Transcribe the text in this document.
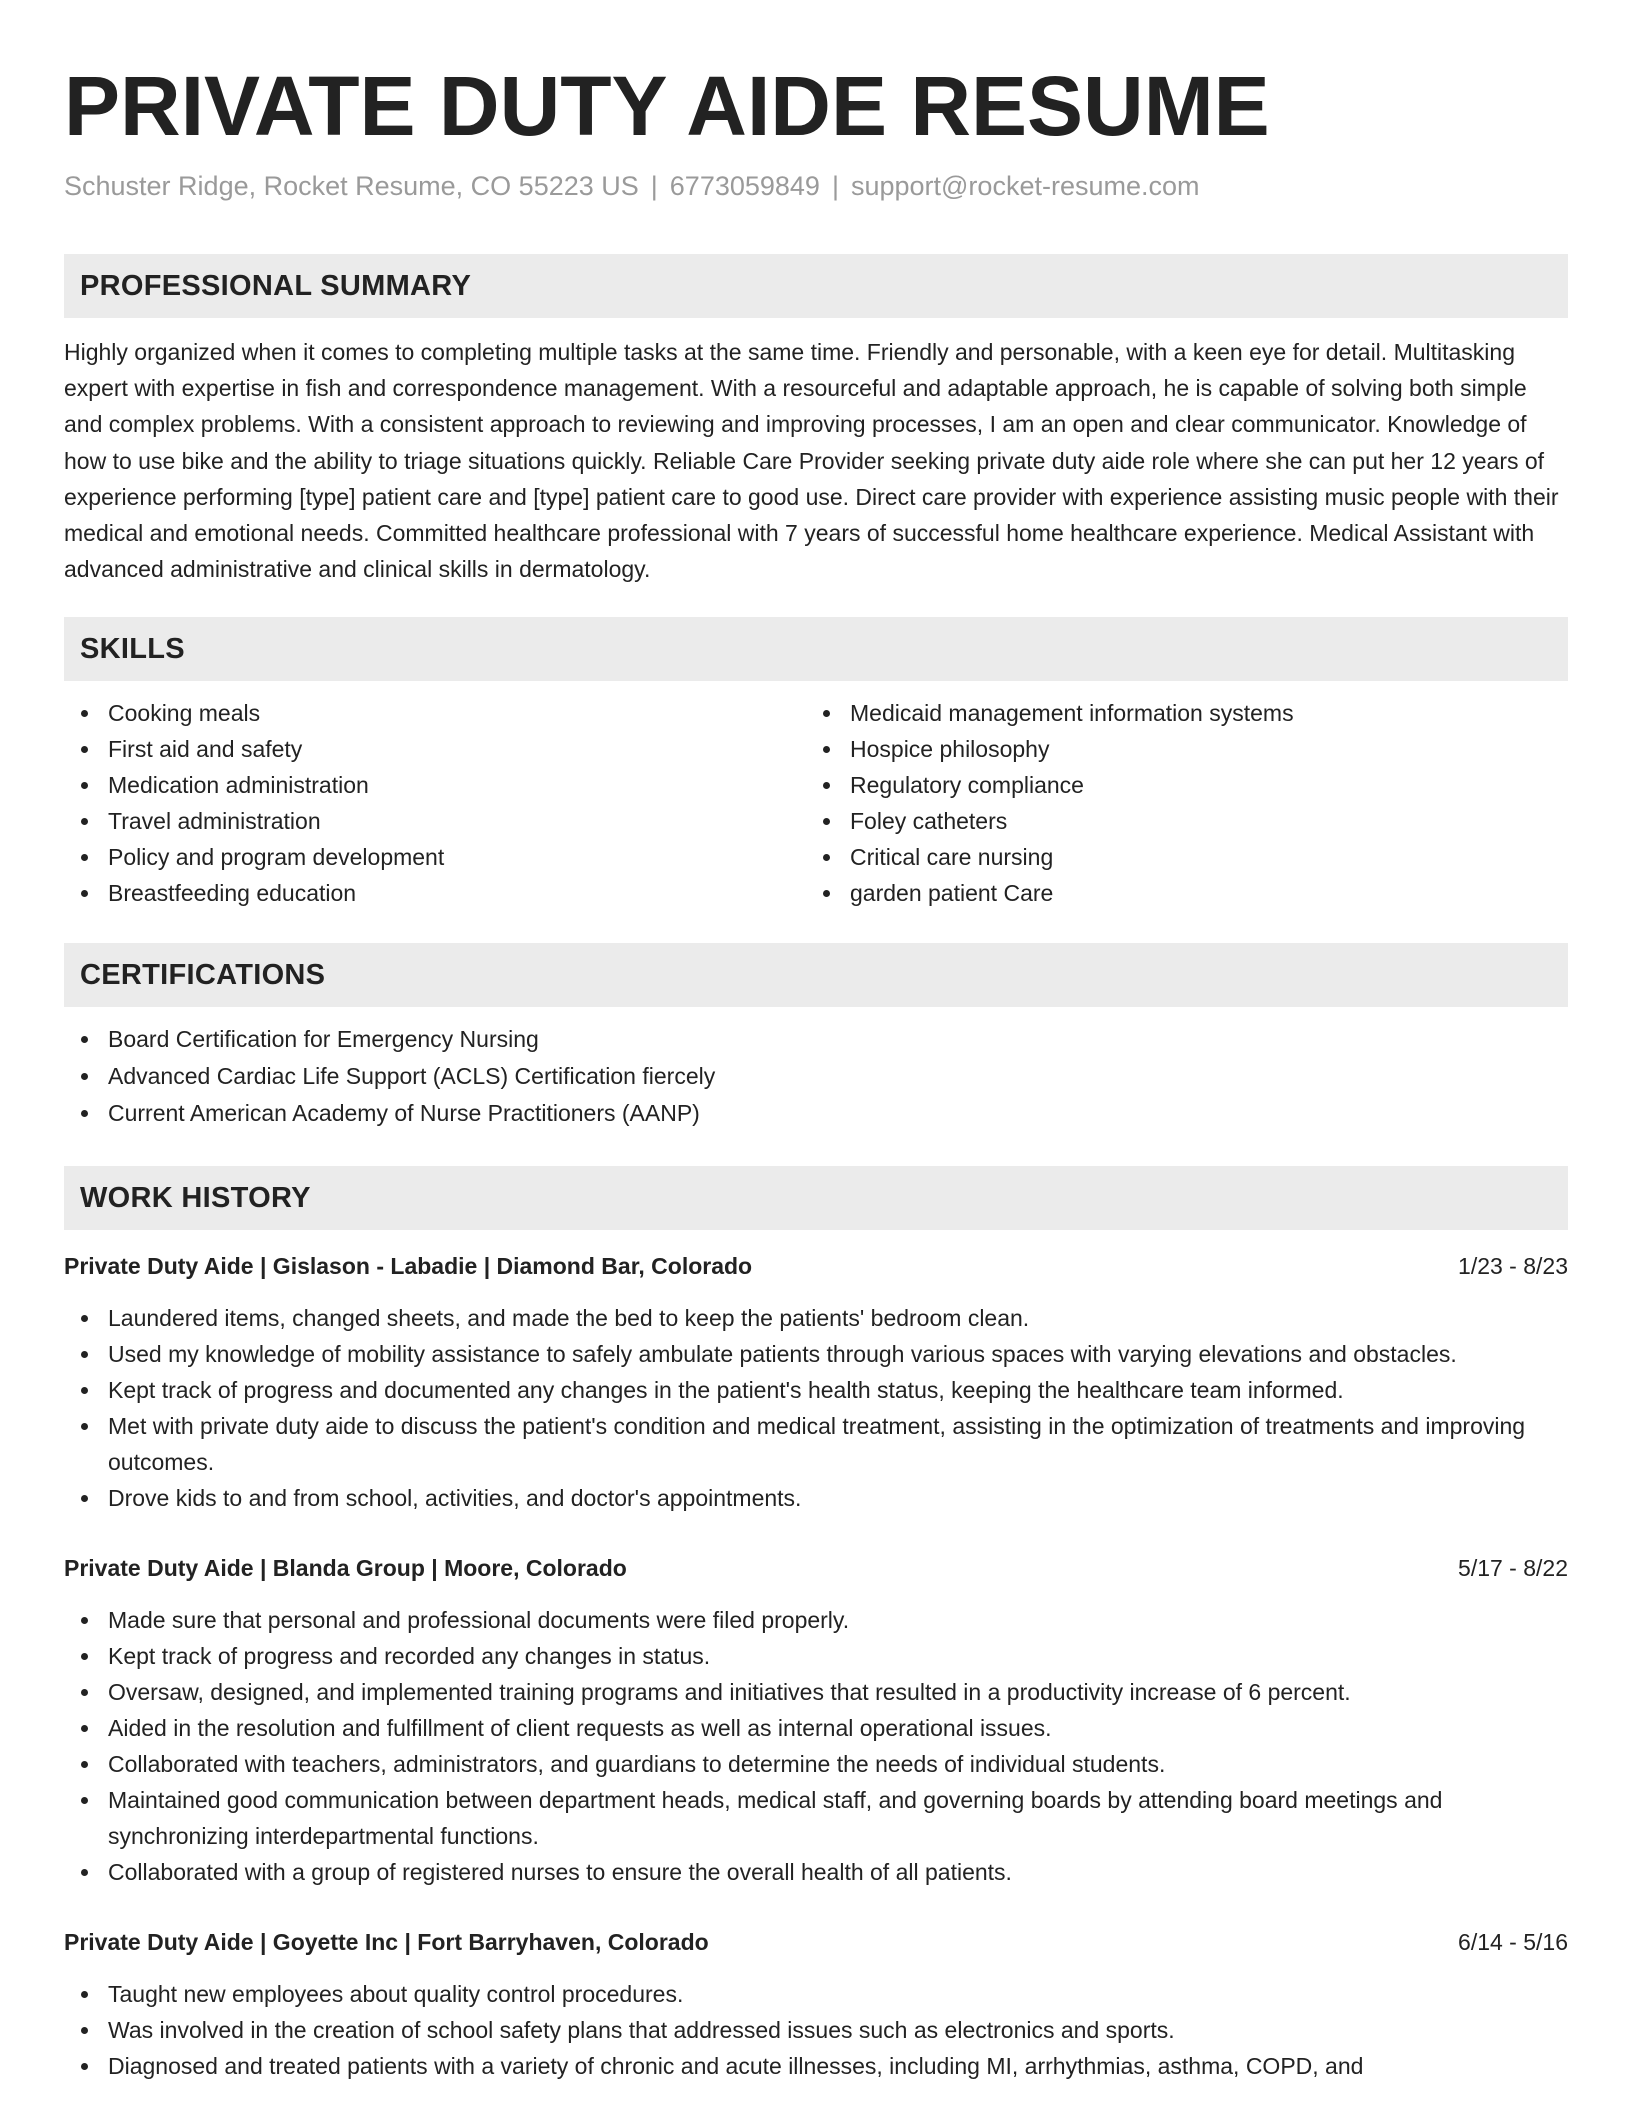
PRIVATE DUTY AIDE RESUME
Schuster Ridge, Rocket Resume, CO 55223 US | 6773059849 | support@rocket-resume.com
PROFESSIONAL SUMMARY
Highly organized when it comes to completing multiple tasks at the same time. Friendly and personable, with a keen eye for detail. Multitasking expert with expertise in fish and correspondence management. With a resourceful and adaptable approach, he is capable of solving both simple and complex problems. With a consistent approach to reviewing and improving processes, I am an open and clear communicator. Knowledge of how to use bike and the ability to triage situations quickly. Reliable Care Provider seeking private duty aide role where she can put her 12 years of experience performing [type] patient care and [type] patient care to good use. Direct care provider with experience assisting music people with their medical and emotional needs. Committed healthcare professional with 7 years of successful home healthcare experience. Medical Assistant with advanced administrative and clinical skills in dermatology.
SKILLS
Cooking meals
First aid and safety
Medication administration
Travel administration
Policy and program development
Breastfeeding education
Medicaid management information systems
Hospice philosophy
Regulatory compliance
Foley catheters
Critical care nursing
garden patient Care
CERTIFICATIONS
Board Certification for Emergency Nursing
Advanced Cardiac Life Support (ACLS) Certification fiercely
Current American Academy of Nurse Practitioners (AANP)
WORK HISTORY
Private Duty Aide | Gislason - Labadie | Diamond Bar, Colorado	1/23 - 8/23
Laundered items, changed sheets, and made the bed to keep the patients' bedroom clean.
Used my knowledge of mobility assistance to safely ambulate patients through various spaces with varying elevations and obstacles.
Kept track of progress and documented any changes in the patient's health status, keeping the healthcare team informed.
Met with private duty aide to discuss the patient's condition and medical treatment, assisting in the optimization of treatments and improving outcomes.
Drove kids to and from school, activities, and doctor's appointments.
Private Duty Aide | Blanda Group | Moore, Colorado	5/17 - 8/22
Made sure that personal and professional documents were filed properly.
Kept track of progress and recorded any changes in status.
Oversaw, designed, and implemented training programs and initiatives that resulted in a productivity increase of 6 percent.
Aided in the resolution and fulfillment of client requests as well as internal operational issues.
Collaborated with teachers, administrators, and guardians to determine the needs of individual students.
Maintained good communication between department heads, medical staff, and governing boards by attending board meetings and synchronizing interdepartmental functions.
Collaborated with a group of registered nurses to ensure the overall health of all patients.
Private Duty Aide | Goyette Inc | Fort Barryhaven, Colorado	6/14 - 5/16
Taught new employees about quality control procedures.
Was involved in the creation of school safety plans that addressed issues such as electronics and sports.
Diagnosed and treated patients with a variety of chronic and acute illnesses, including MI, arrhythmias, asthma, COPD, and
